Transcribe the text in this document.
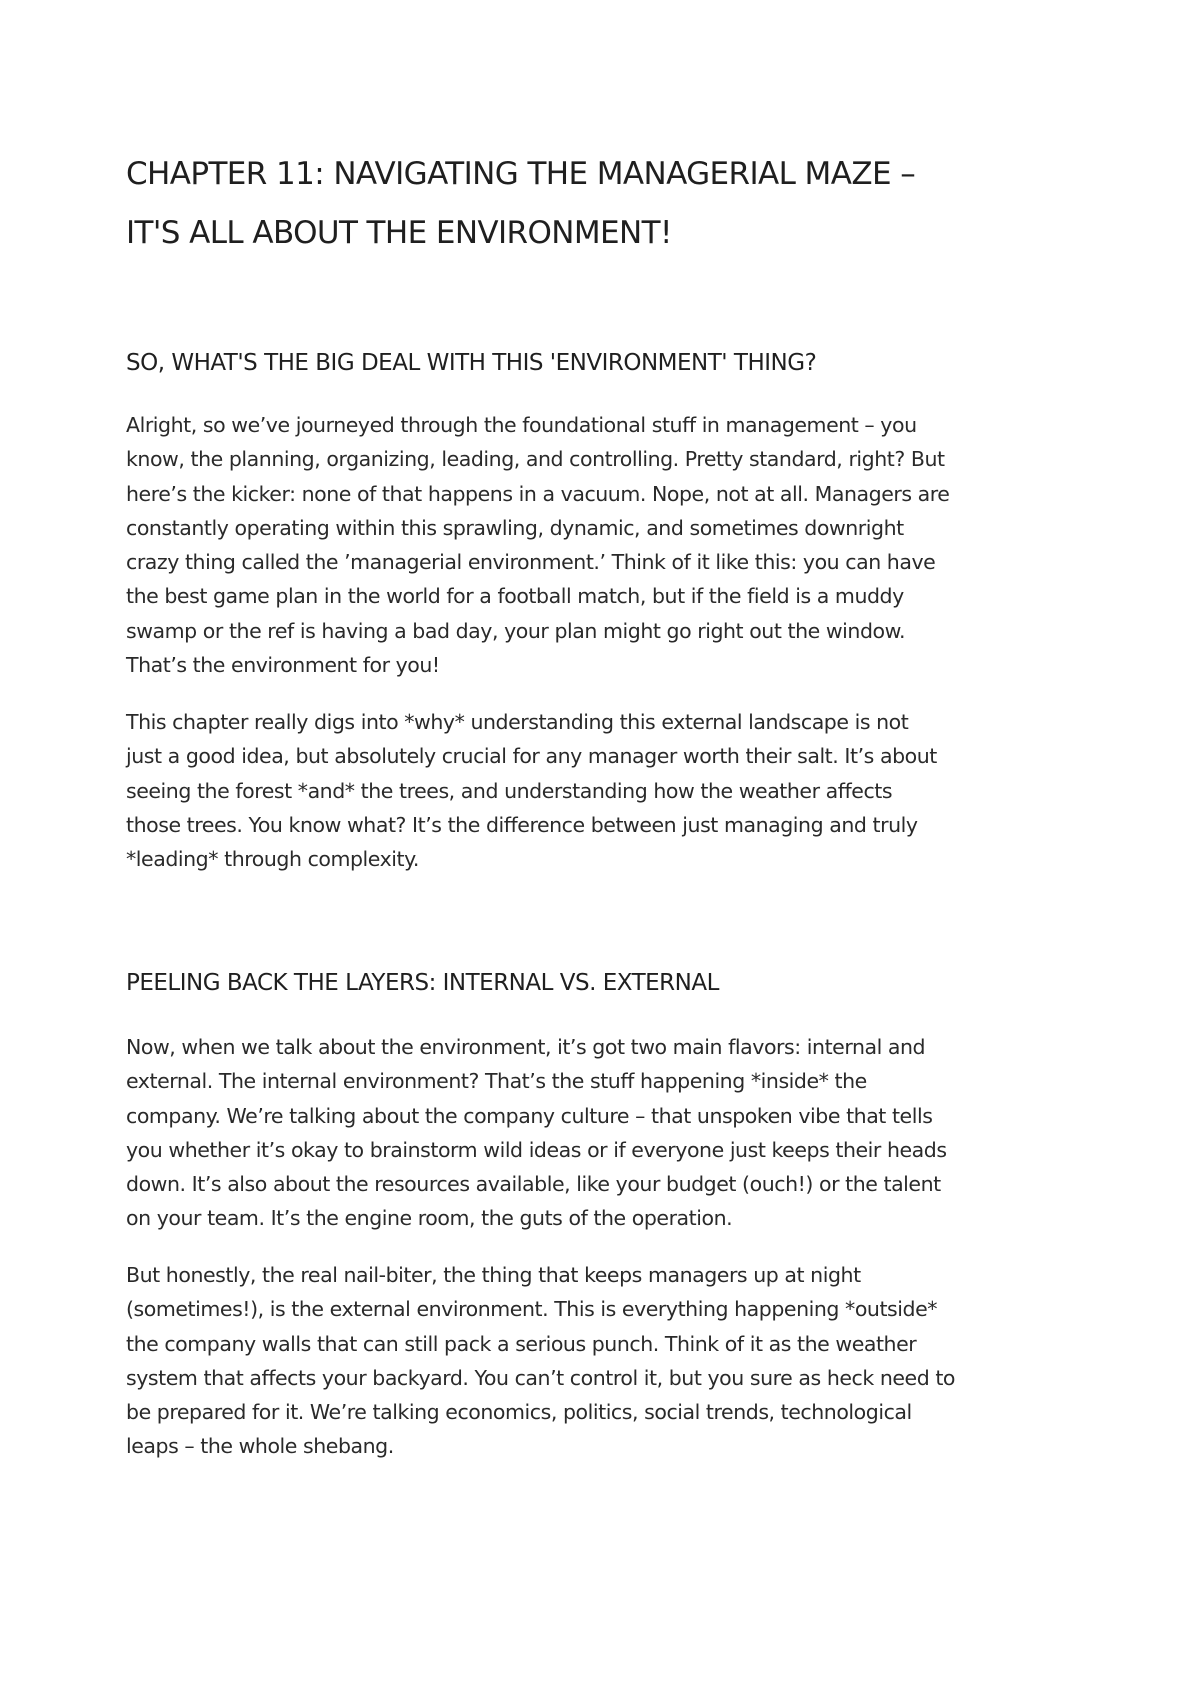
CHAPTER 11: NAVIGATING THE MANAGERIAL MAZE –
IT'S ALL ABOUT THE ENVIRONMENT!
SO, WHAT'S THE BIG DEAL WITH THIS 'ENVIRONMENT' THING?

Alright, so we’ve journeyed through the foundational stuff in management – you
know, the planning, organizing, leading, and controlling. Pretty standard, right? But
here’s the kicker: none of that happens in a vacuum. Nope, not at all. Managers are
constantly operating within this sprawling, dynamic, and sometimes downright
crazy thing called the ’managerial environment.’ Think of it like this: you can have
the best game plan in the world for a football match, but if the field is a muddy
swamp or the ref is having a bad day, your plan might go right out the window.
That’s the environment for you!

This chapter really digs into *why* understanding this external landscape is not
just a good idea, but absolutely crucial for any manager worth their salt. It’s about
seeing the forest *and* the trees, and understanding how the weather affects
those trees. You know what? It’s the difference between just managing and truly
*leading* through complexity.

PEELING BACK THE LAYERS: INTERNAL VS. EXTERNAL

Now, when we talk about the environment, it’s got two main flavors: internal and
external. The internal environment? That’s the stuff happening *inside* the
company. We’re talking about the company culture – that unspoken vibe that tells
you whether it’s okay to brainstorm wild ideas or if everyone just keeps their heads
down. It’s also about the resources available, like your budget (ouch!) or the talent
on your team. It’s the engine room, the guts of the operation.

But honestly, the real nail-biter, the thing that keeps managers up at night
(sometimes!), is the external environment. This is everything happening *outside*
the company walls that can still pack a serious punch. Think of it as the weather
system that affects your backyard. You can’t control it, but you sure as heck need to
be prepared for it. We’re talking economics, politics, social trends, technological
leaps – the whole shebang.
